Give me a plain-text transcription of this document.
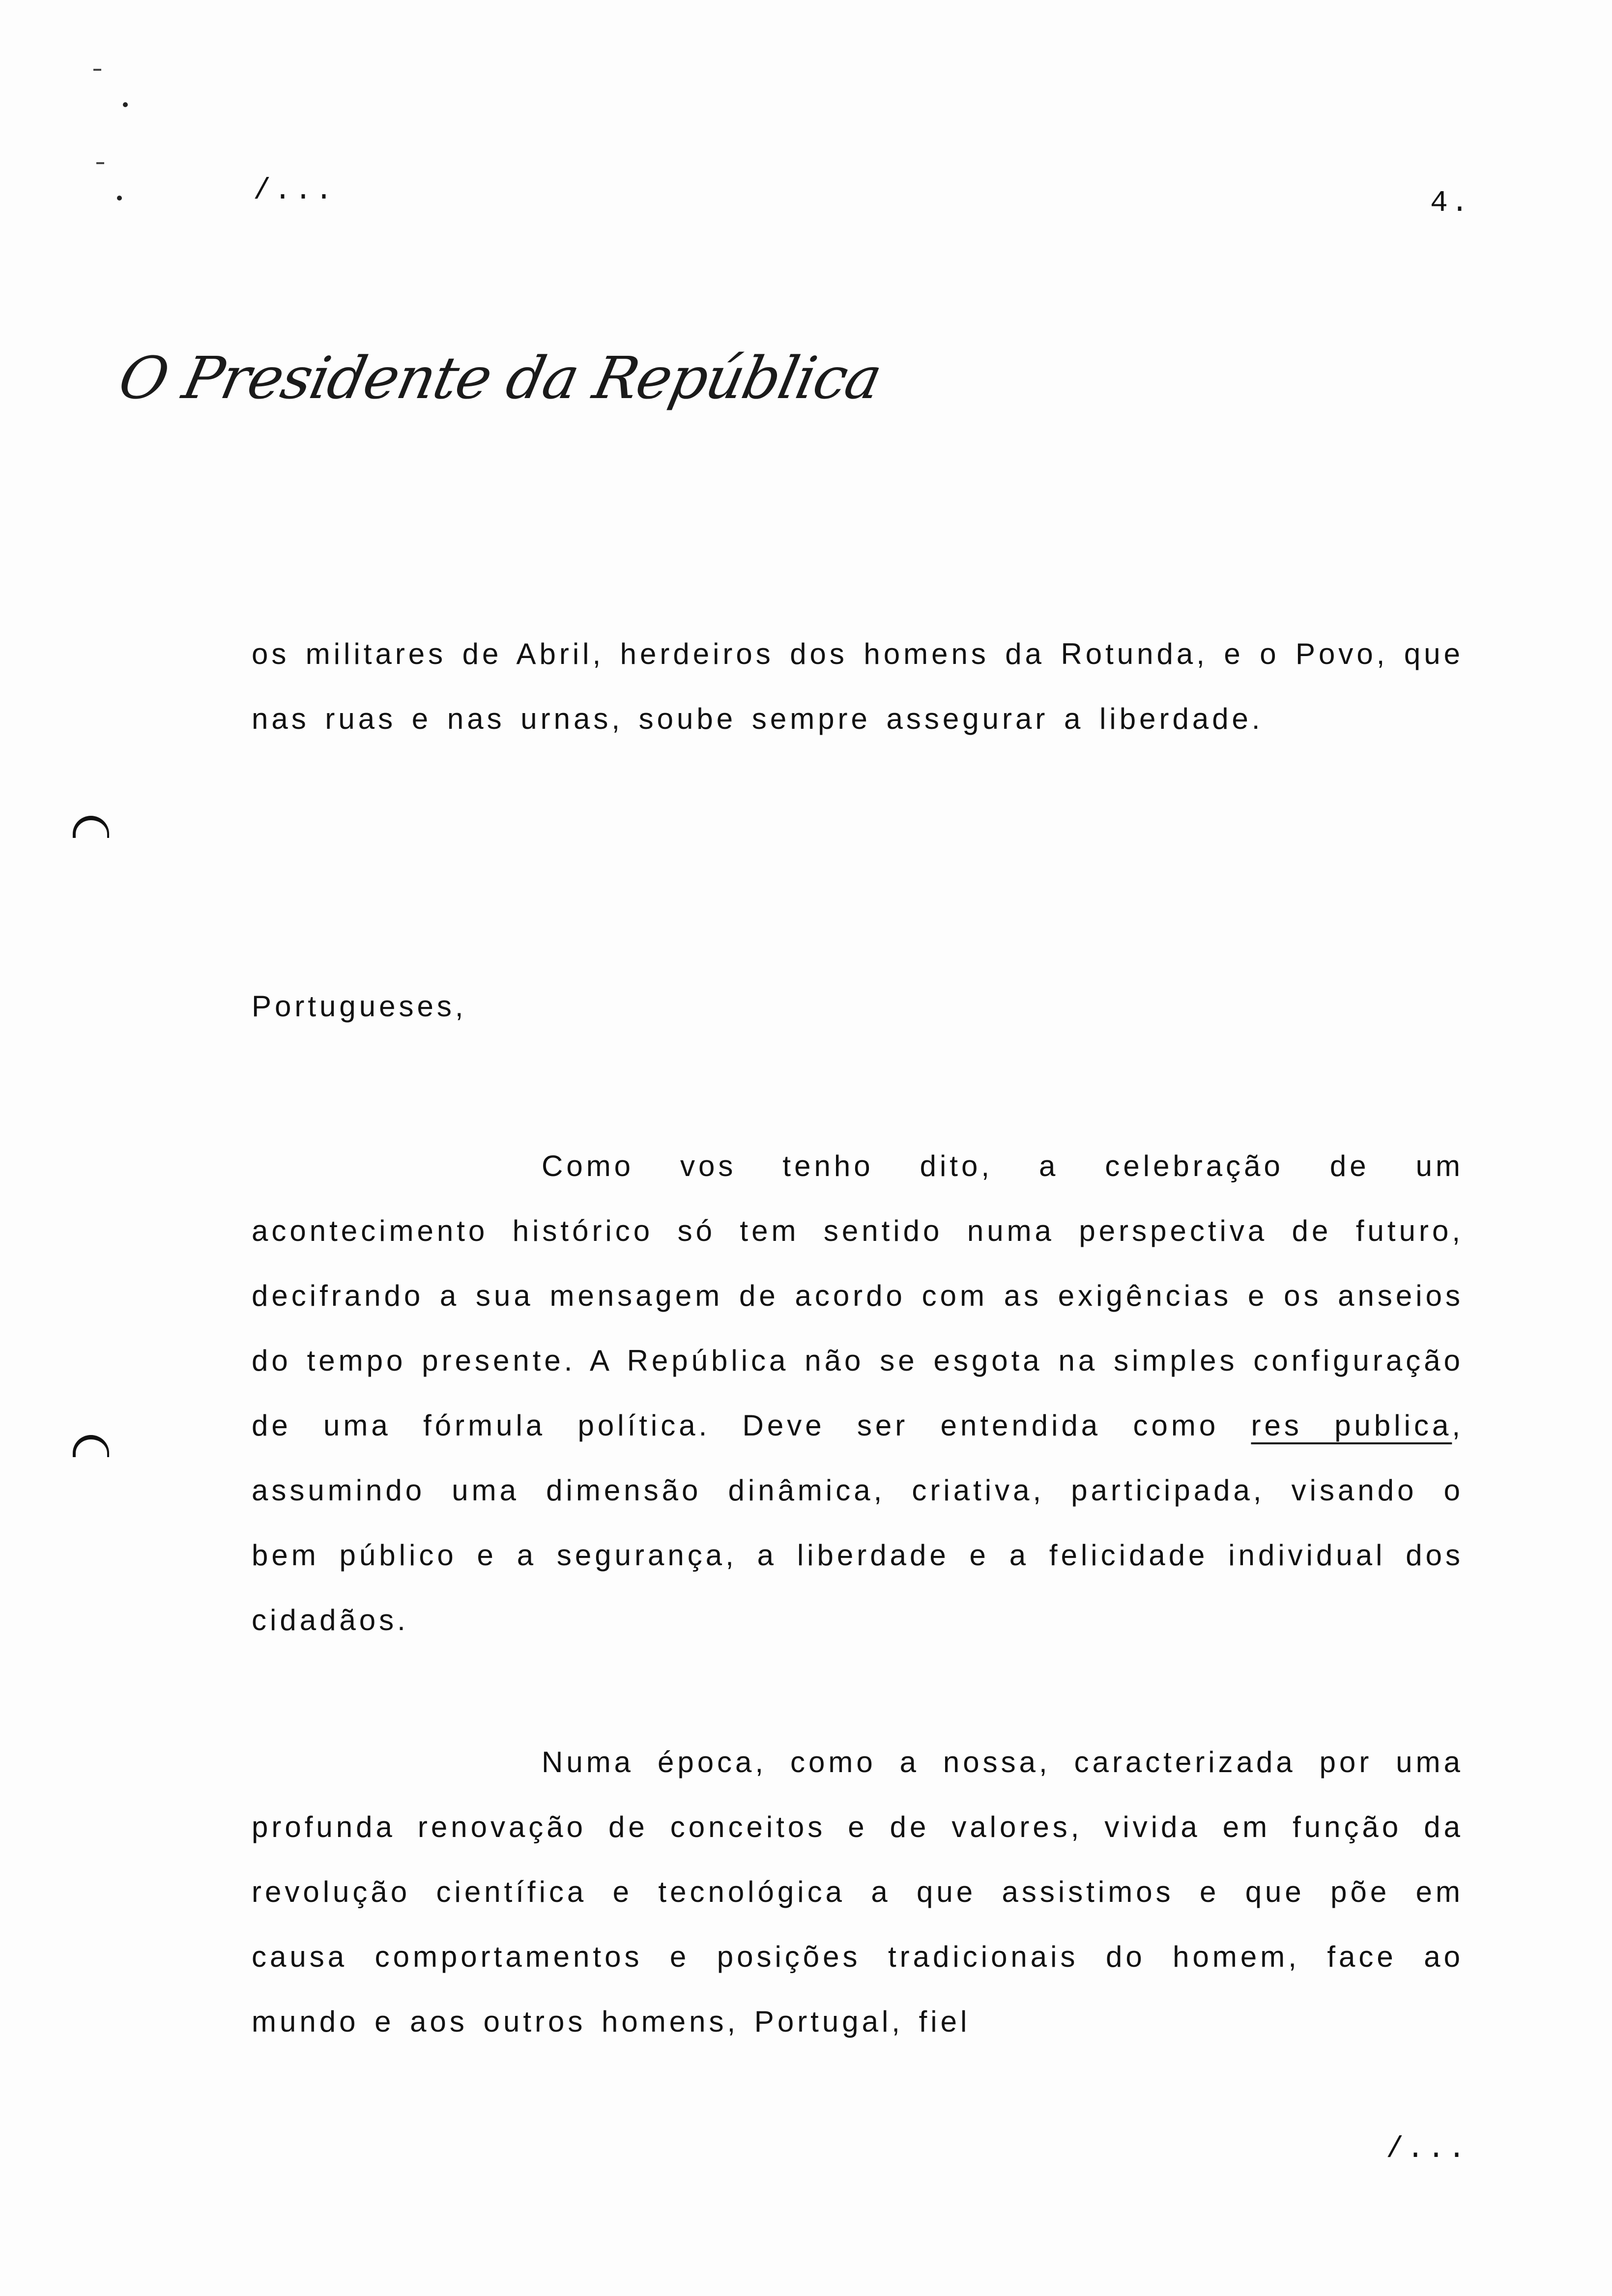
/...	4.
O Presidente da República

os militares de Abril, herdeiros dos homens da Rotunda, e o Povo, que nas ruas e nas urnas, soube sempre assegurar a liberdade.

Portugueses,

Como vos tenho dito, a celebração de um acontecimento histórico só tem sentido numa perspectiva de futuro, decifrando a sua mensagem de acordo com as exigências e os anseios do tempo presente. A República não se esgota na simples configuração de uma fórmula política. Deve ser entendida como res publica, assumindo uma dimensão dinâmica, criativa, participada, visando o bem público e a segurança, a liberdade e a felicidade individual dos cidadãos.

Numa época, como a nossa, caracterizada por uma profunda renovação de conceitos e de valores, vivida em função da revolução científica e tecnológica a que assistimos e que põe em causa comportamentos e posições tradicionais do homem, face ao mundo e aos outros homens, Portugal, fiel

/...
